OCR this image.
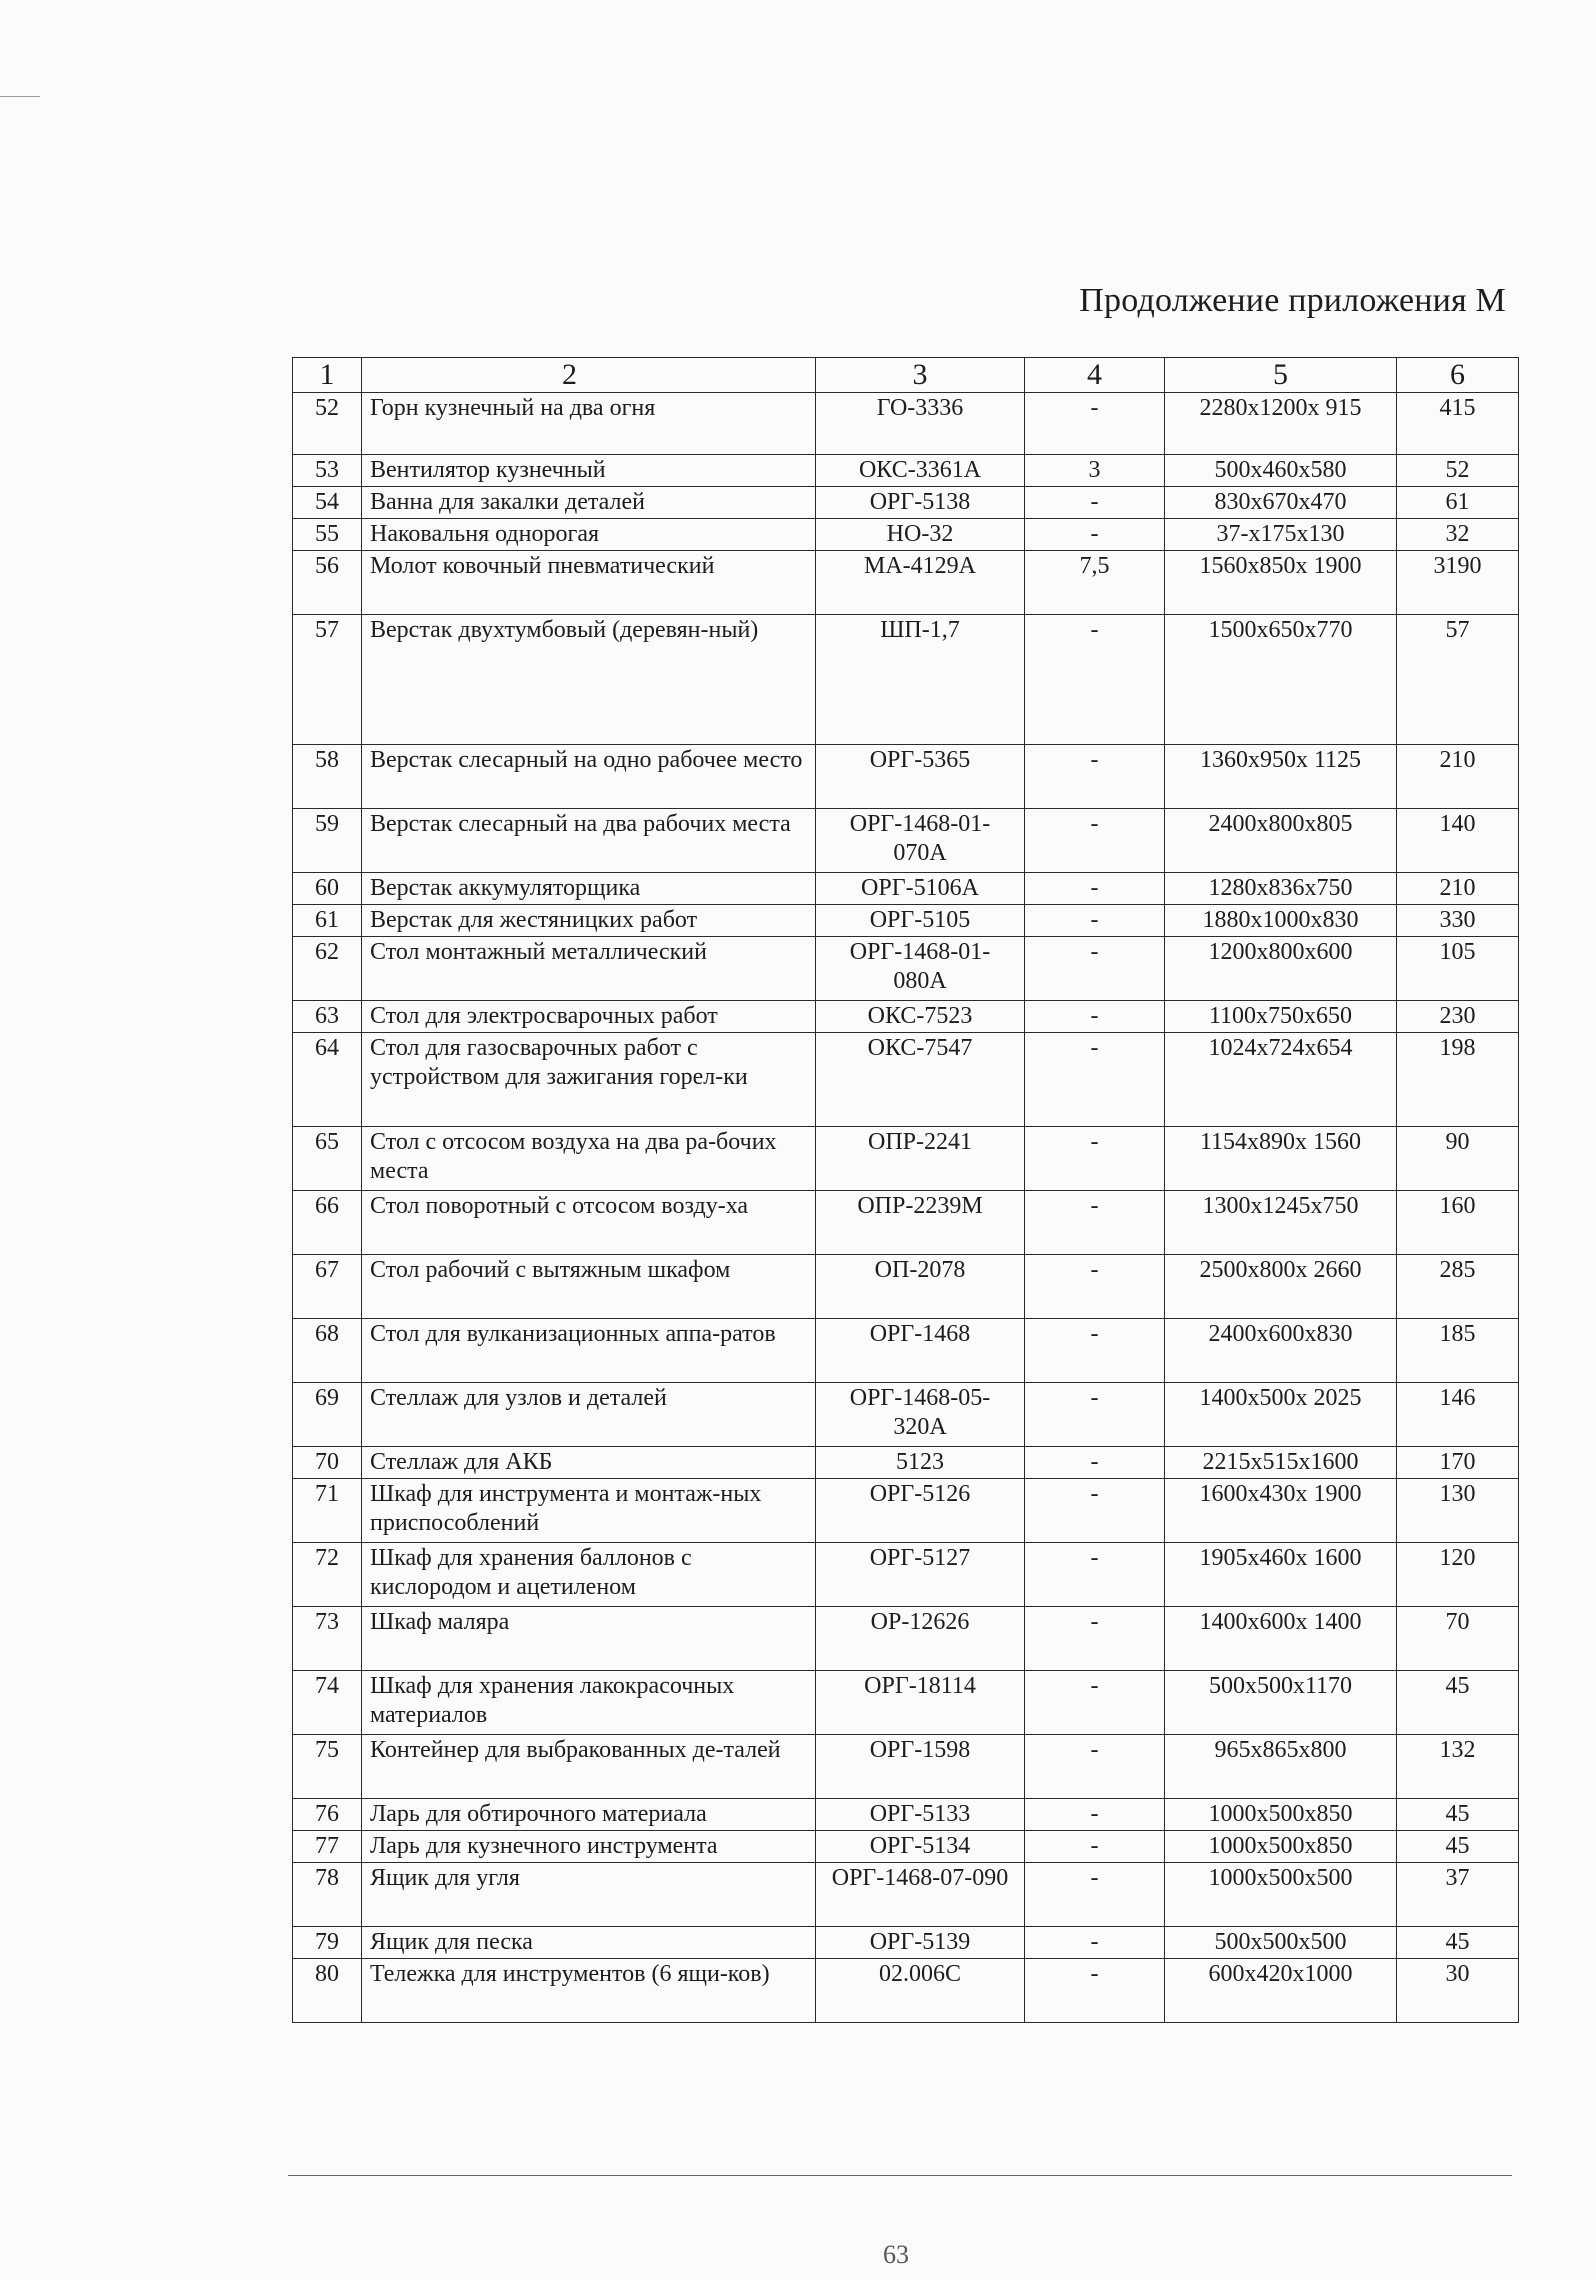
Продолжение приложения М
1	2	3	4	5	6
52	Горн кузнечный на два огня	ГО-3336	-	2280х1200х 915	415
53	Вентилятор кузнечный	ОКС-3361А	3	500х460х580	52
54	Ванна для закалки деталей	ОРГ-5138	-	830х670х470	61
55	Наковальня однорогая	НО-32	-	37-х175х130	32
56	Молот ковочный пневматический	МА-4129А	7,5	1560х850х 1900	3190
57	Верстак двухтумбовый (деревян-ный)	ШП-1,7	-	1500х650х770	57
58	Верстак слесарный на одно рабочее место	ОРГ-5365	-	1360х950х 1125	210
59	Верстак слесарный на два рабочих места	ОРГ-1468-01-070А	-	2400х800х805	140
60	Верстак аккумуляторщика	ОРГ-5106А	-	1280х836х750	210
61	Верстак для жестяницких работ	ОРГ-5105	-	1880х1000х830	330
62	Стол монтажный металлический	ОРГ-1468-01-080А	-	1200х800х600	105
63	Стол для электросварочных работ	ОКС-7523	-	1100х750х650	230
64	Стол для газосварочных работ с устройством для зажигания горел-ки	ОКС-7547	-	1024х724х654	198
65	Стол с отсосом воздуха на два ра-бочих места	ОПР-2241	-	1154х890х 1560	90
66	Стол поворотный с отсосом возду-ха	ОПР-2239М	-	1300х1245х750	160
67	Стол рабочий с вытяжным шкафом	ОП-2078	-	2500х800х 2660	285
68	Стол для вулканизационных аппа-ратов	ОРГ-1468	-	2400х600х830	185
69	Стеллаж для узлов и деталей	ОРГ-1468-05-320А	-	1400х500х 2025	146
70	Стеллаж для АКБ	5123	-	2215х515х1600	170
71	Шкаф для инструмента и монтаж-ных приспособлений	ОРГ-5126	-	1600х430х 1900	130
72	Шкаф для хранения баллонов с кислородом и ацетиленом	ОРГ-5127	-	1905х460х 1600	120
73	Шкаф маляра	ОР-12626	-	1400х600х 1400	70
74	Шкаф для хранения лакокрасочных материалов	ОРГ-18114	-	500х500х1170	45
75	Контейнер для выбракованных де-талей	ОРГ-1598	-	965х865х800	132
76	Ларь для обтирочного материала	ОРГ-5133	-	1000х500х850	45
77	Ларь для кузнечного инструмента	ОРГ-5134	-	1000х500х850	45
78	Ящик для угля	ОРГ-1468-07-090	-	1000х500х500	37
79	Ящик для песка	ОРГ-5139	-	500х500х500	45
80	Тележка для инструментов (6 ящи-ков)	02.006С	-	600х420х1000	30
63
